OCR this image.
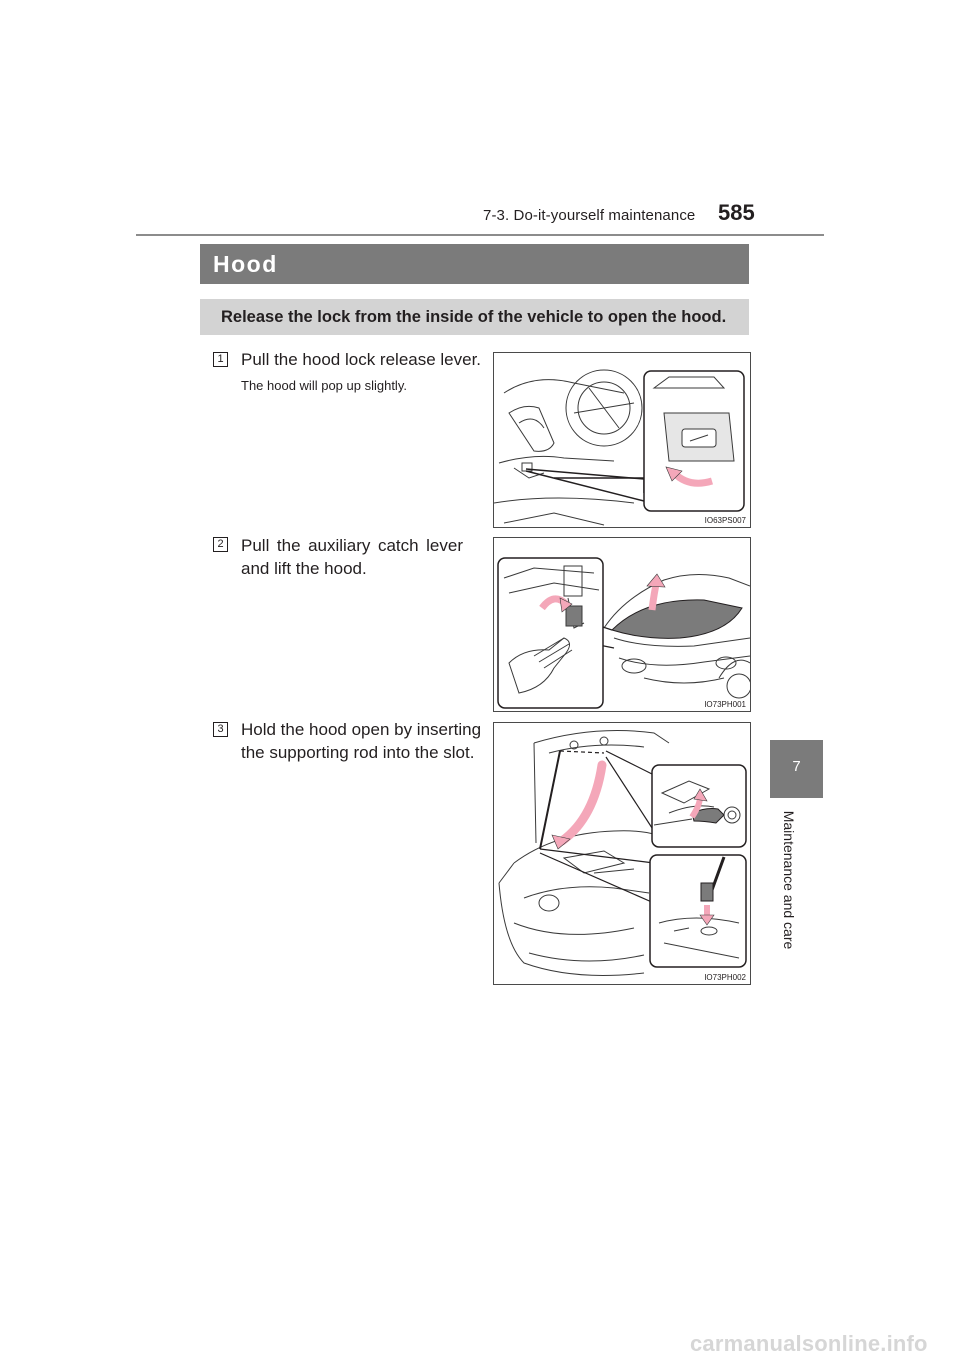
7-3. Do-it-yourself maintenance 585
Hood
Release the lock from the inside of the vehicle to open the hood.
1 Pull the hood lock release lever.
The hood will pop up slightly.
IO63PS007
2 Pull the auxiliary catch lever
and lift the hood.
IO73PH001
3 Hold the hood open by inserting
the supporting rod into the slot.
IO73PH002
7
Maintenance and care
carmanualsonline.info
